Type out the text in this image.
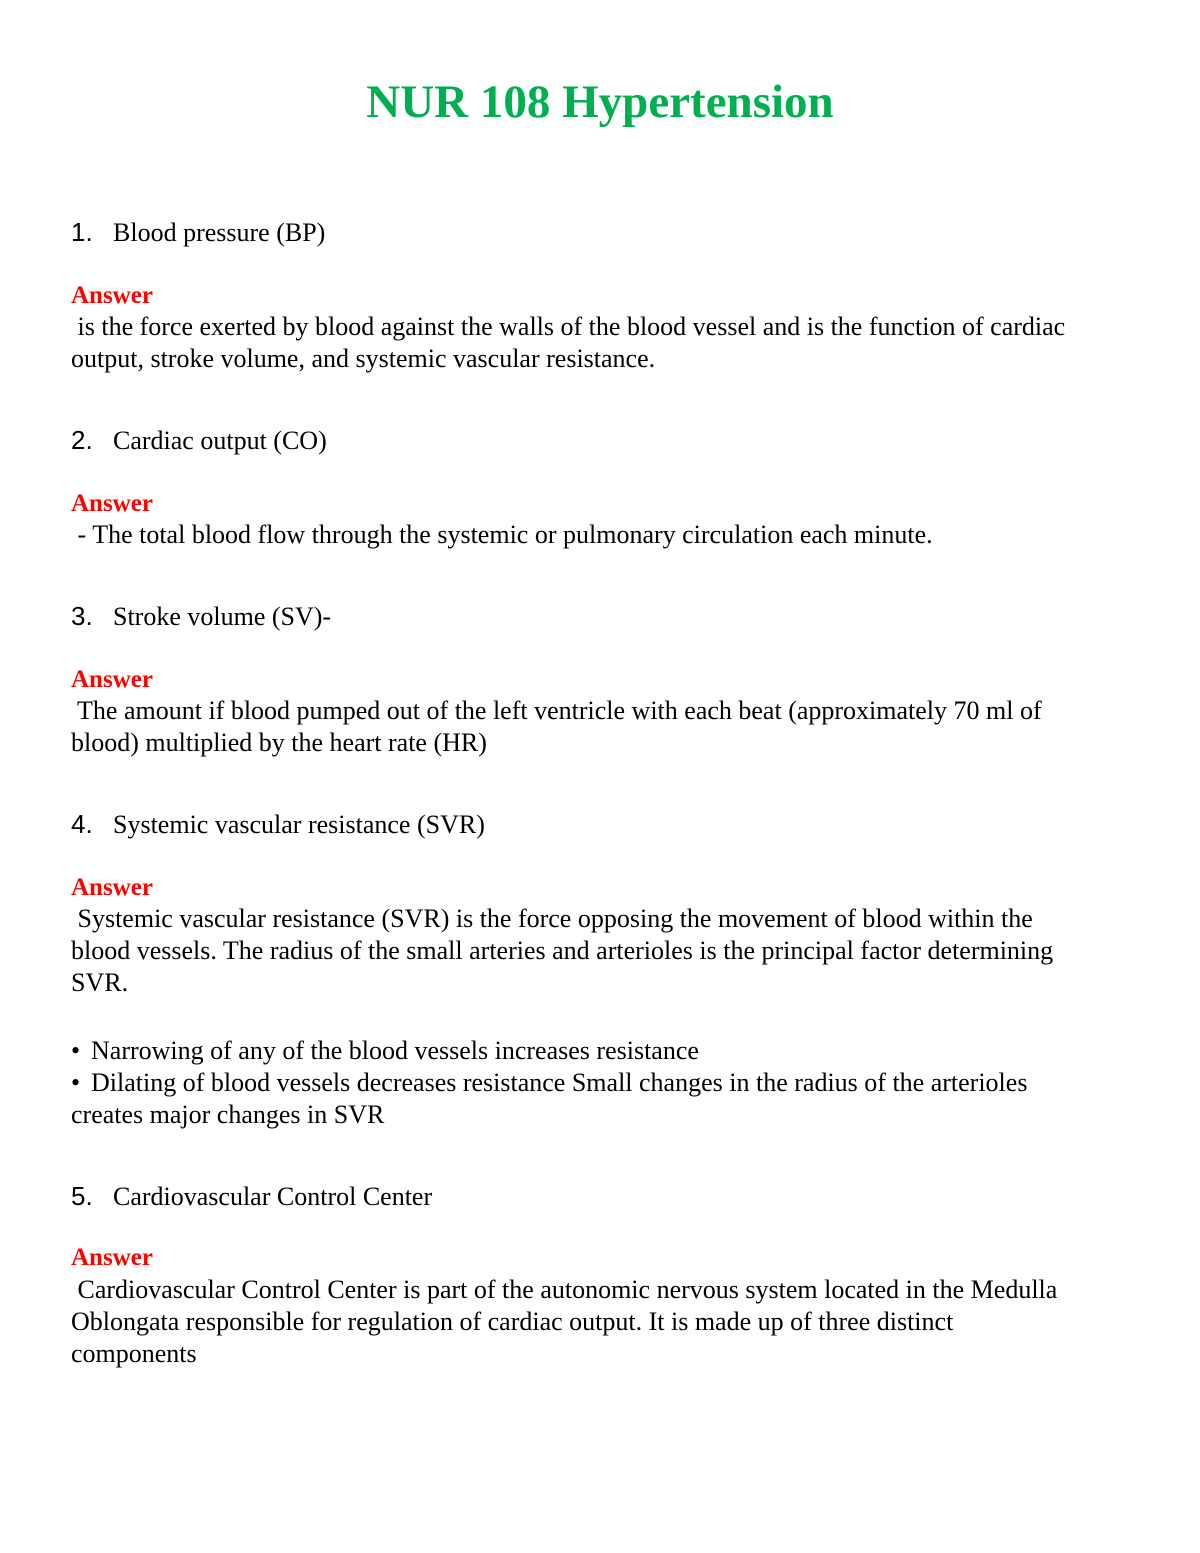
NUR 108 Hypertension
1. Blood pressure (BP)
Answer

is the force exerted by blood against the walls of the blood vessel and is the function of cardiac

output, stroke volume, and systemic vascular resistance.

2. Cardiac output (CO)
Answer

- The total blood flow through the systemic or pulmonary circulation each minute.

3. Stroke volume (SV)-
Answer

The amount if blood pumped out of the left ventricle with each beat (approximately 70 ml of

blood) multiplied by the heart rate (HR)

4. Systemic vascular resistance (SVR)
Answer

Systemic vascular resistance (SVR) is the force opposing the movement of blood within the

blood vessels. The radius of the small arteries and arterioles is the principal factor determining

SVR.

• Narrowing of any of the blood vessels increases resistance

• Dilating of blood vessels decreases resistance Small changes in the radius of the arterioles

creates major changes in SVR

5. Cardiovascular Control Center
Answer

Cardiovascular Control Center is part of the autonomic nervous system located in the Medulla

Oblongata responsible for regulation of cardiac output. It is made up of three distinct

components
